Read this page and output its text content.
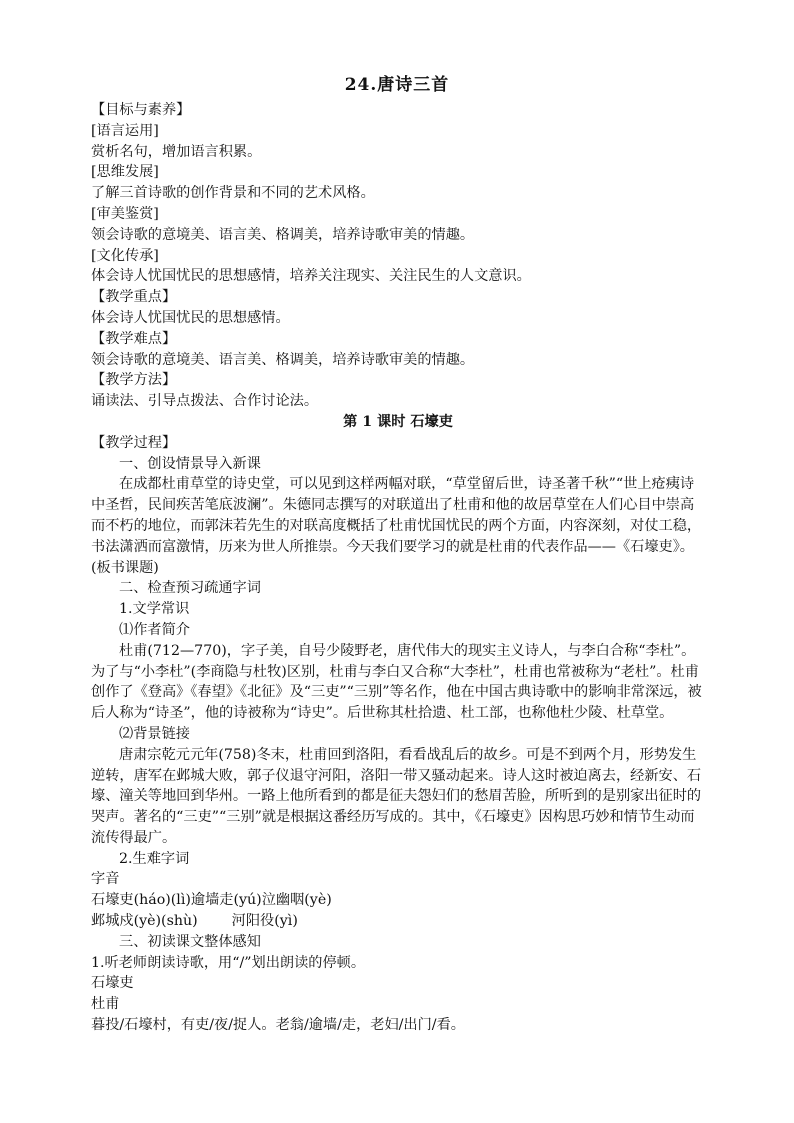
24.唐诗三首
【目标与素养】
[语言运用]
赏析名句，增加语言积累。
[思维发展]
了解三首诗歌的创作背景和不同的艺术风格。
[审美鉴赏]
领会诗歌的意境美、语言美、格调美，培养诗歌审美的情趣。
[文化传承]
体会诗人忧国忧民的思想感情，培养关注现实、关注民生的人文意识。
【教学重点】
体会诗人忧国忧民的思想感情。
【教学难点】
领会诗歌的意境美、语言美、格调美，培养诗歌审美的情趣。
【教学方法】
诵读法、引导点拨法、合作讨论法。
第 1 课时 石壕吏
【教学过程】
一、创设情景导入新课
在成都杜甫草堂的诗史堂，可以见到这样两幅对联，“草堂留后世，诗圣著千秋”“世上疮痍诗中圣哲，民间疾苦笔底波澜”。朱德同志撰写的对联道出了杜甫和他的故居草堂在人们心目中崇高而不朽的地位，而郭沫若先生的对联高度概括了杜甫忧国忧民的两个方面，内容深刻，对仗工稳，书法潇洒而富激情，历来为世人所推崇。今天我们要学习的就是杜甫的代表作品——《石壕吏》。(板书课题)
二、检查预习疏通字词
1.文学常识
⑴作者简介
杜甫(712—770)，字子美，自号少陵野老，唐代伟大的现实主义诗人，与李白合称“李杜”。为了与“小李杜”(李商隐与杜牧)区别，杜甫与李白又合称“大李杜”，杜甫也常被称为“老杜”。杜甫创作了《登高》《春望》《北征》及“三吏”“三别”等名作，他在中国古典诗歌中的影响非常深远，被后人称为“诗圣”，他的诗被称为“诗史”。后世称其杜拾遗、杜工部，也称他杜少陵、杜草堂。
⑵背景链接
唐肃宗乾元元年(758)冬末，杜甫回到洛阳，看看战乱后的故乡。可是不到两个月，形势发生逆转，唐军在邺城大败，郭子仪退守河阳，洛阳一带又骚动起来。诗人这时被迫离去，经新安、石壕、潼关等地回到华州。一路上他所看到的都是征夫怨妇们的愁眉苦脸，所听到的是别家出征时的哭声。著名的“三吏”“三别”就是根据这番经历写成的。其中，《石壕吏》因构思巧妙和情节生动而流传得最广。
2.生难字词
字音
石壕吏(háo)(lì)逾墙走(yú)泣幽咽(yè)
邺城戍(yè)(shù) 河阳役(yì)
三、初读课文整体感知
1.听老师朗读诗歌，用“/”划出朗读的停顿。
石壕吏
杜甫
暮投/石壕村，有吏/夜/捉人。老翁/逾墙/走，老妇/出门/看。
